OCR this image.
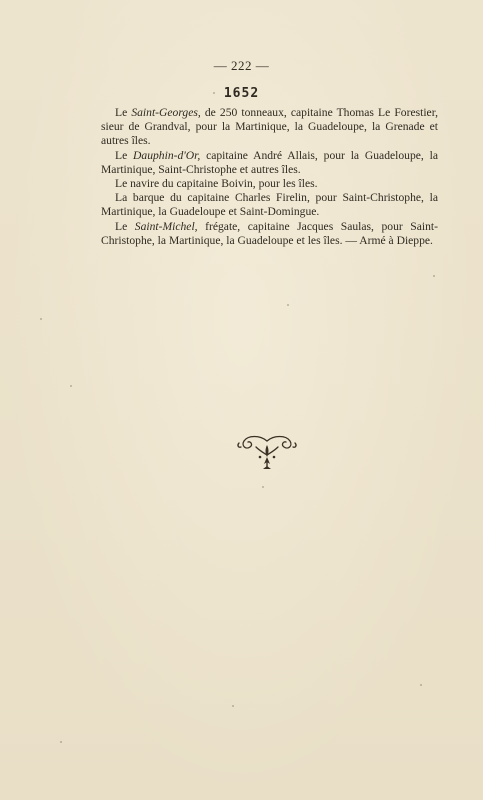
— 222 —
1652

Le Saint-Georges, de 250 tonneaux, capitaine Thomas Le Forestier, sieur de Grandval, pour la Martinique, la Guadeloupe, la Grenade et autres îles.

Le Dauphin-d'Or, capitaine André Allais, pour la Guadeloupe, la Martinique, Saint-Christophe et autres îles.

Le navire du capitaine Boivin, pour les îles.

La barque du capitaine Charles Firelin, pour Saint-Christophe, la Martinique, la Guadeloupe et Saint-Domingue.

Le Saint-Michel, frégate, capitaine Jacques Saulas, pour Saint-Christophe, la Martinique, la Guadeloupe et les îles. — Armé à Dieppe.
